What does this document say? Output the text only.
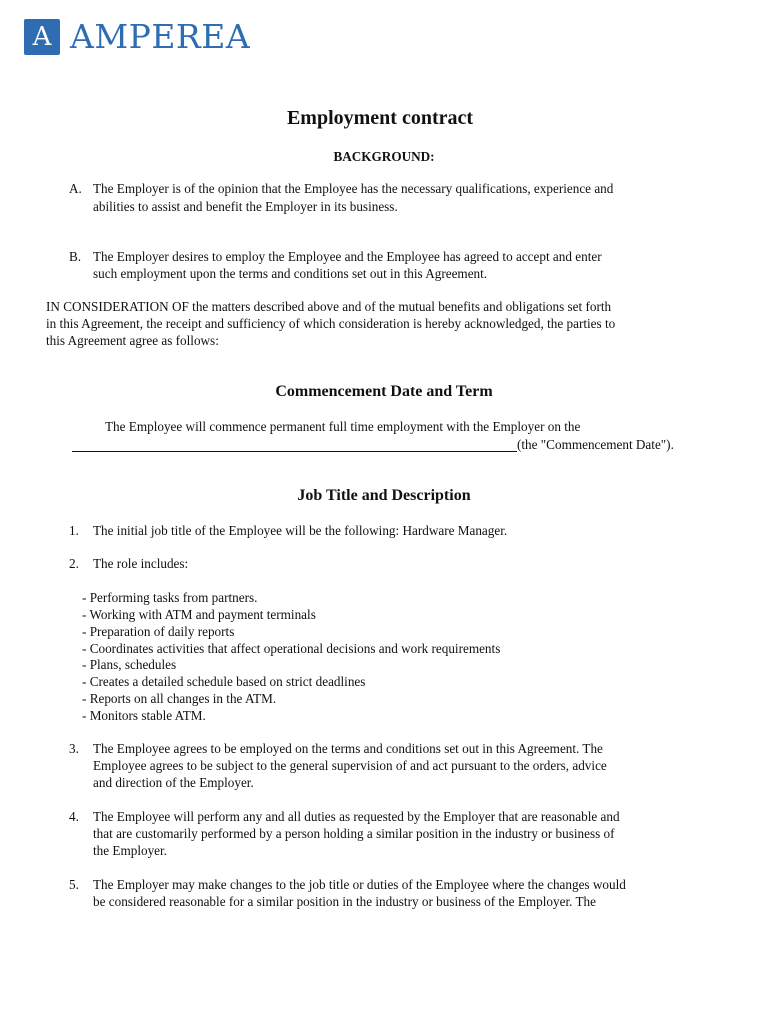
A AMPEREA
Employment contract
BACKGROUND:
A. The Employer is of the opinion that the Employee has the necessary qualifications, experience and
abilities to assist and benefit the Employer in its business.
B. The Employer desires to employ the Employee and the Employee has agreed to accept and enter
such employment upon the terms and conditions set out in this Agreement.
IN CONSIDERATION OF the matters described above and of the mutual benefits and obligations set forth
in this Agreement, the receipt and sufficiency of which consideration is hereby acknowledged, the parties to
this Agreement agree as follows:
Commencement Date and Term
The Employee will commence permanent full time employment with the Employer on the
(the "Commencement Date").
Job Title and Description
1. The initial job title of the Employee will be the following: Hardware Manager.
2. The role includes:
- Performing tasks from partners.
- Working with ATM and payment terminals
- Preparation of daily reports
- Coordinates activities that affect operational decisions and work requirements
- Plans, schedules
- Creates a detailed schedule based on strict deadlines
- Reports on all changes in the ATM.
- Monitors stable ATM.
3. The Employee agrees to be employed on the terms and conditions set out in this Agreement. The
Employee agrees to be subject to the general supervision of and act pursuant to the orders, advice
and direction of the Employer.
4. The Employee will perform any and all duties as requested by the Employer that are reasonable and
that are customarily performed by a person holding a similar position in the industry or business of
the Employer.
5. The Employer may make changes to the job title or duties of the Employee where the changes would
be considered reasonable for a similar position in the industry or business of the Employer. The
